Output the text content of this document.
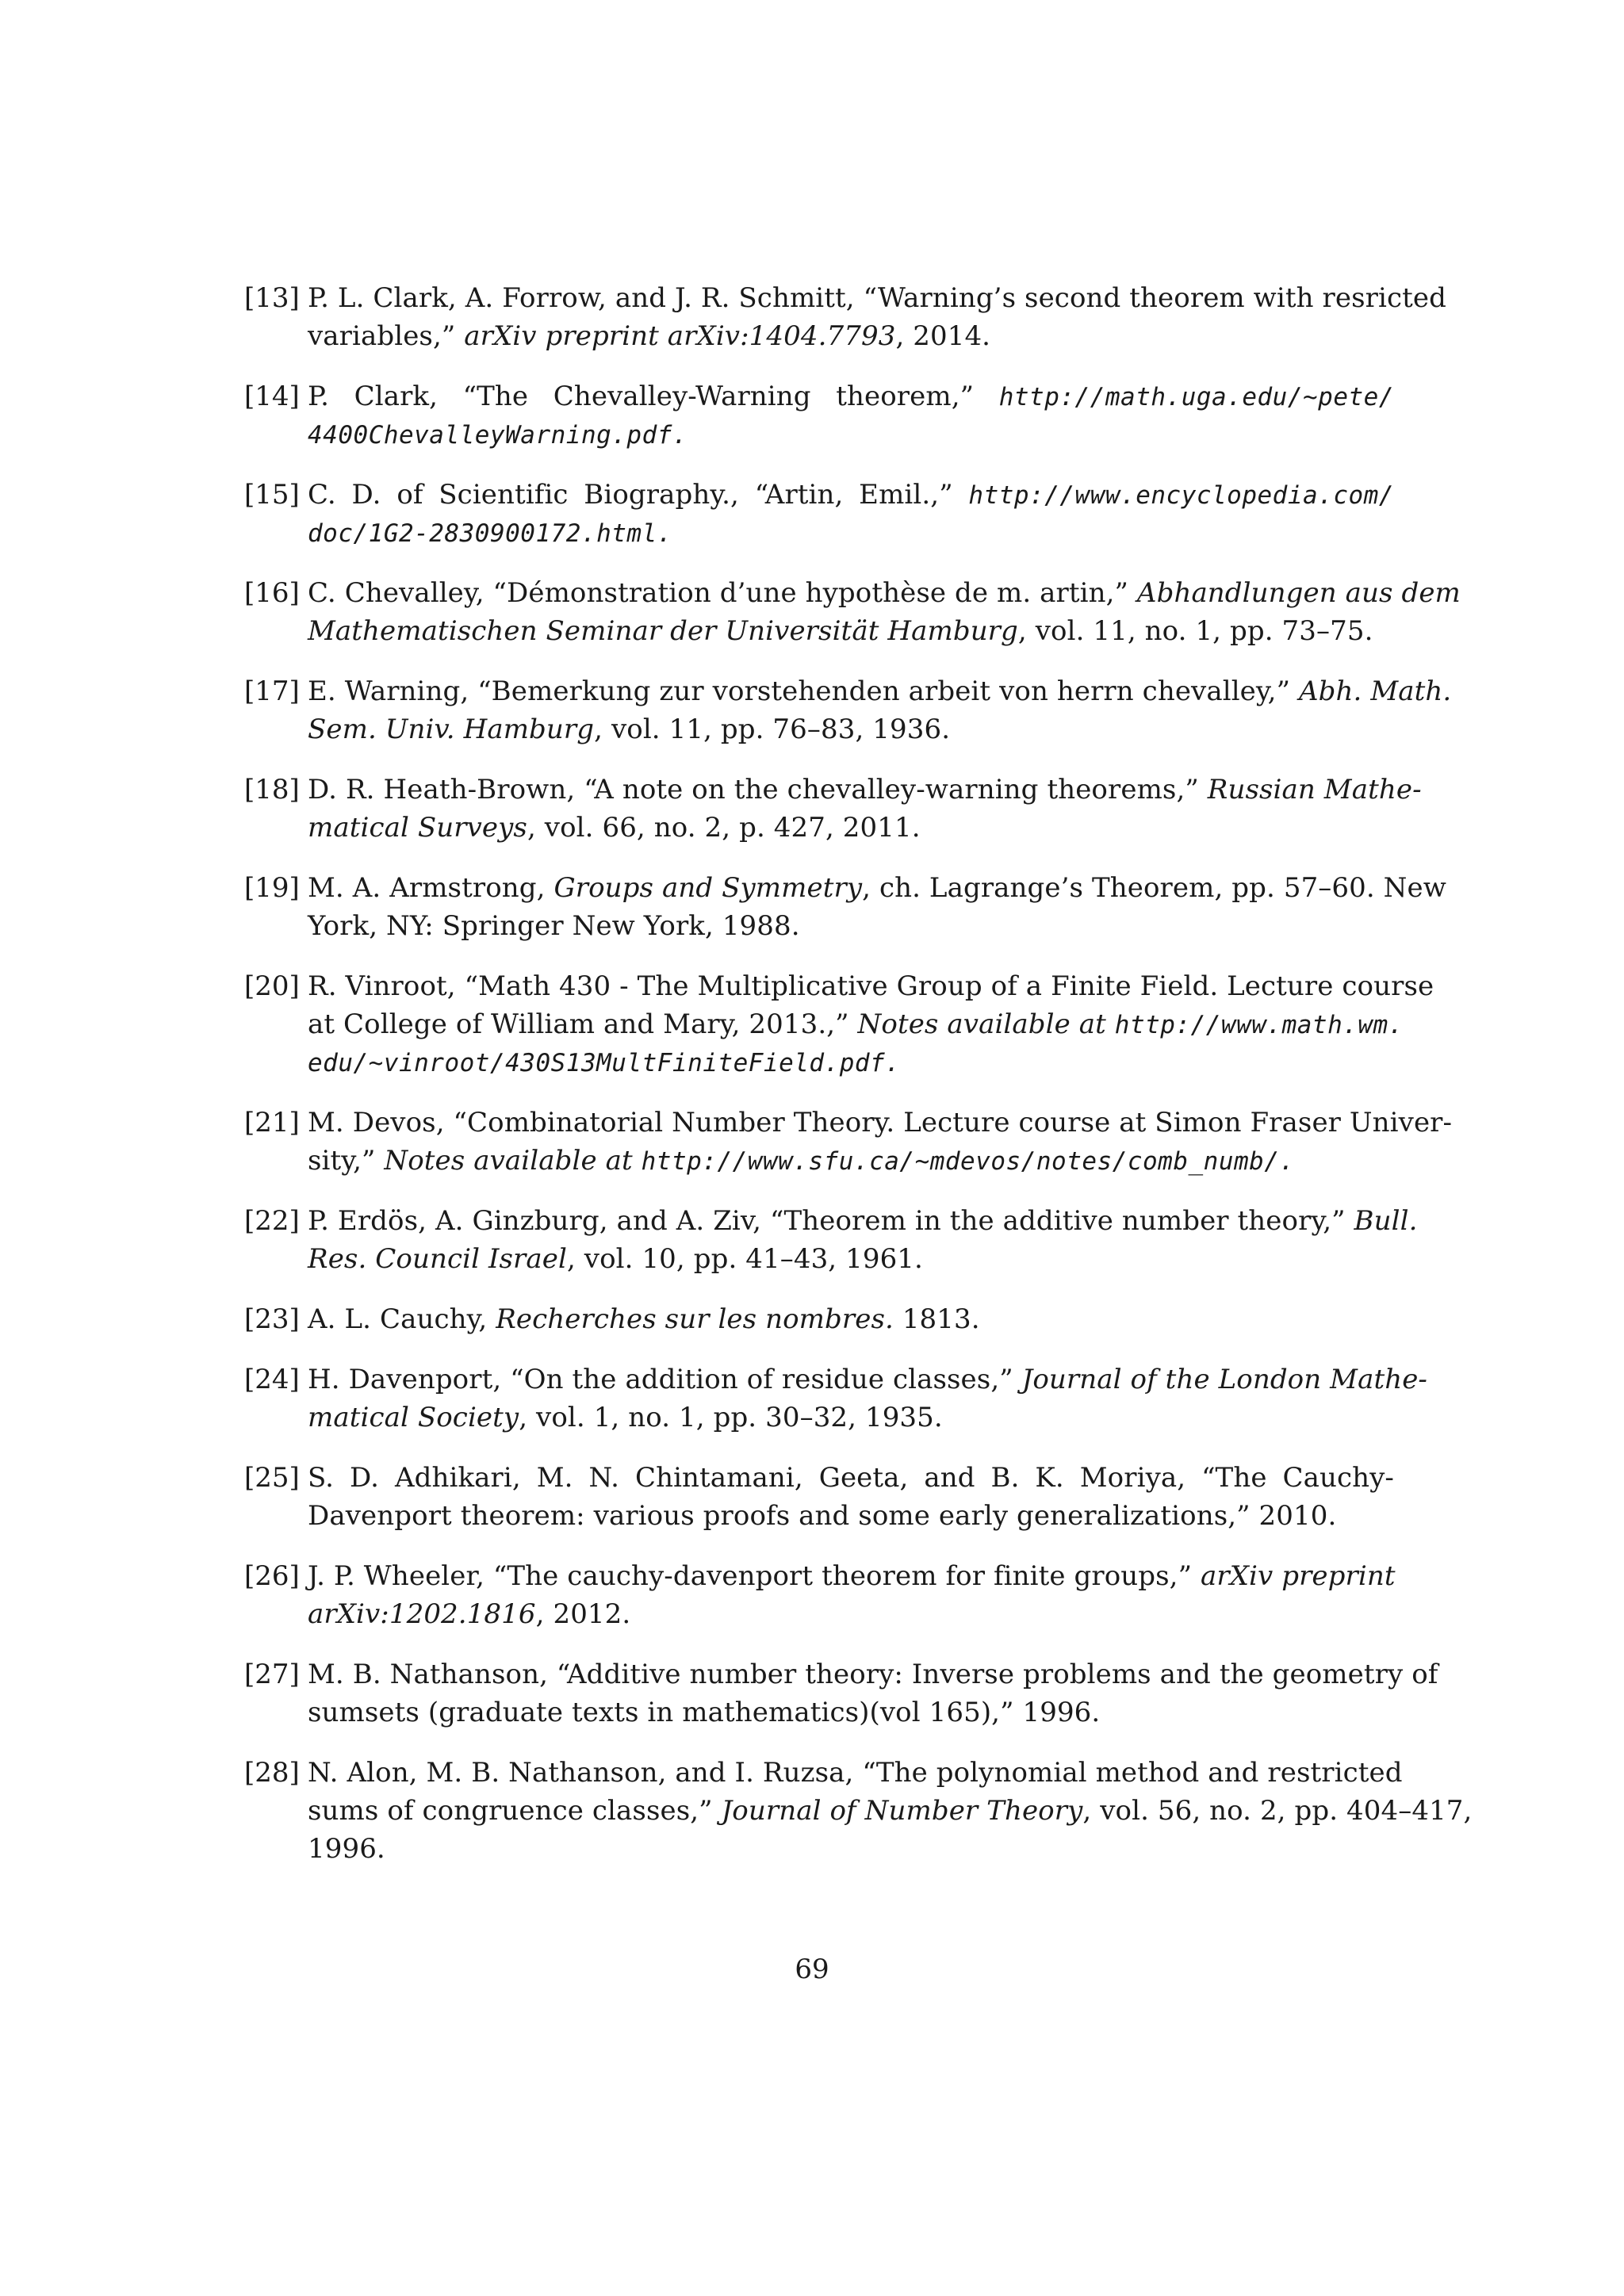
[13] P. L. Clark, A. Forrow, and J. R. Schmitt, “Warning’s second theorem with resricted
variables,” arXiv preprint arXiv:1404.7793, 2014.
[14] P. Clark, “The Chevalley-Warning theorem,” http://math.uga.edu/~pete/
4400ChevalleyWarning.pdf.
[15] C. D. of Scientific Biography., “Artin, Emil.,” http://www.encyclopedia.com/
doc/1G2-2830900172.html.
[16] C. Chevalley, “Démonstration d’une hypothèse de m. artin,” Abhandlungen aus dem
Mathematischen Seminar der Universität Hamburg, vol. 11, no. 1, pp. 73–75.
[17] E. Warning, “Bemerkung zur vorstehenden arbeit von herrn chevalley,” Abh. Math.
Sem. Univ. Hamburg, vol. 11, pp. 76–83, 1936.
[18] D. R. Heath-Brown, “A note on the chevalley-warning theorems,” Russian Mathe-
matical Surveys, vol. 66, no. 2, p. 427, 2011.
[19] M. A. Armstrong, Groups and Symmetry, ch. Lagrange’s Theorem, pp. 57–60. New
York, NY: Springer New York, 1988.
[20] R. Vinroot, “Math 430 - The Multiplicative Group of a Finite Field. Lecture course
at College of William and Mary, 2013.,” Notes available at http://www.math.wm.
edu/~vinroot/430S13MultFiniteField.pdf.
[21] M. Devos, “Combinatorial Number Theory. Lecture course at Simon Fraser Univer-
sity,” Notes available at http://www.sfu.ca/~mdevos/notes/comb_numb/.
[22] P. Erdös, A. Ginzburg, and A. Ziv, “Theorem in the additive number theory,” Bull.
Res. Council Israel, vol. 10, pp. 41–43, 1961.
[23] A. L. Cauchy, Recherches sur les nombres. 1813.
[24] H. Davenport, “On the addition of residue classes,” Journal of the London Mathe-
matical Society, vol. 1, no. 1, pp. 30–32, 1935.
[25] S. D. Adhikari, M. N. Chintamani, Geeta, and B. K. Moriya, “The Cauchy-
Davenport theorem: various proofs and some early generalizations,” 2010.
[26] J. P. Wheeler, “The cauchy-davenport theorem for finite groups,” arXiv preprint
arXiv:1202.1816, 2012.
[27] M. B. Nathanson, “Additive number theory: Inverse problems and the geometry of
sumsets (graduate texts in mathematics)(vol 165),” 1996.
[28] N. Alon, M. B. Nathanson, and I. Ruzsa, “The polynomial method and restricted
sums of congruence classes,” Journal of Number Theory, vol. 56, no. 2, pp. 404–417,
1996.
69
